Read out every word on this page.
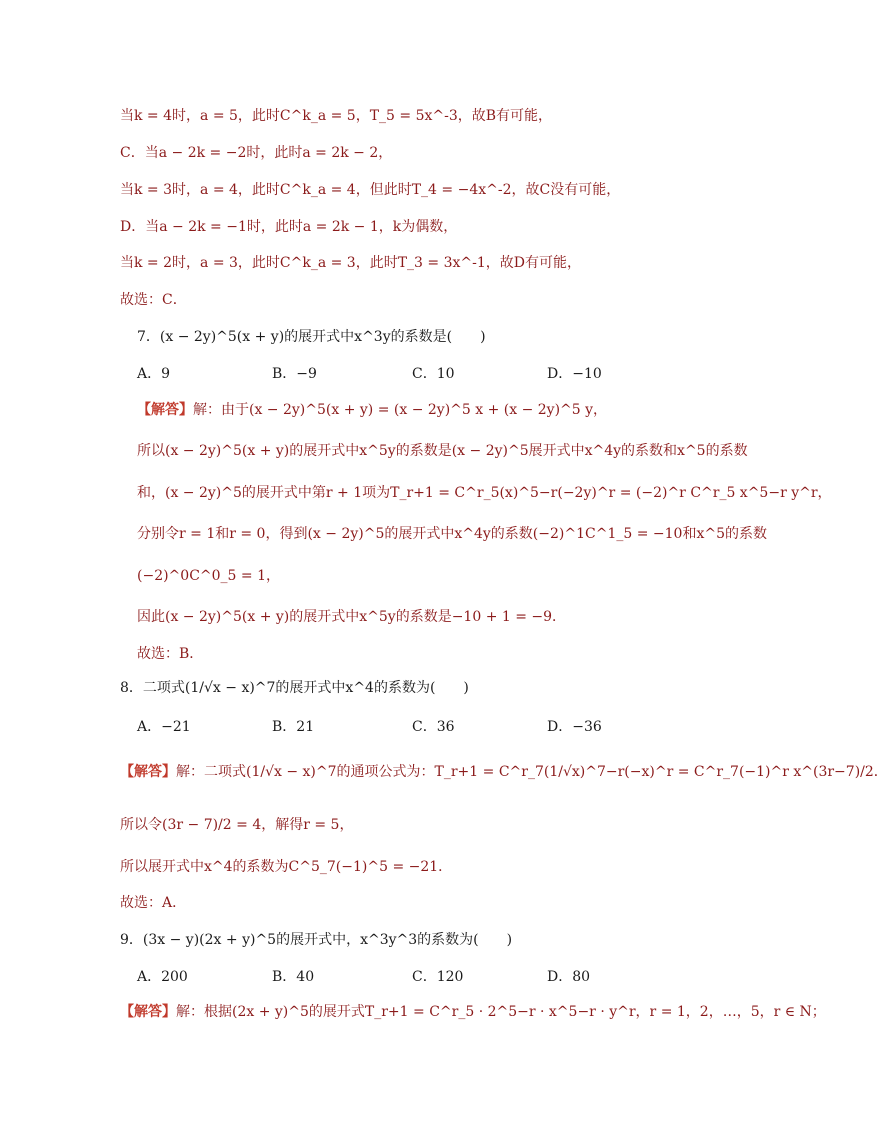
当k = 4时，a = 5，此时C^k_a = 5，T_5 = 5x^-3，故B有可能，
C．当a − 2k = −2时，此时a = 2k − 2，
当k = 3时，a = 4，此时C^k_a = 4，但此时T_4 = −4x^-2，故C没有可能，
D．当a − 2k = −1时，此时a = 2k − 1，k为偶数，
当k = 2时，a = 3，此时C^k_a = 3，此时T_3 = 3x^-1，故D有可能，
故选：C．
7．(x − 2y)^5(x + y)的展开式中x^3y的系数是(　　)
A．9	B．−9	C．10	D．−10
【解答】解：由于(x − 2y)^5(x + y) = (x − 2y)^5 x + (x − 2y)^5 y，
所以(x − 2y)^5(x + y)的展开式中x^5y的系数是(x − 2y)^5展开式中x^4y的系数和x^5的系数
和，(x − 2y)^5的展开式中第r + 1项为T_r+1 = C^r_5(x)^5−r(−2y)^r = (−2)^r C^r_5 x^5−r y^r，
分别令r = 1和r = 0，得到(x − 2y)^5的展开式中x^4y的系数(−2)^1C^1_5 = −10和x^5的系数
(−2)^0C^0_5 = 1，
因此(x − 2y)^5(x + y)的展开式中x^5y的系数是−10 + 1 = −9．
故选：B．
8．二项式(1/√x − x)^7的展开式中x^4的系数为(　　)
A．−21	B．21	C．36	D．−36
【解答】解：二项式(1/√x − x)^7的通项公式为：T_r+1 = C^r_7(1/√x)^7−r(−x)^r = C^r_7(−1)^r x^(3r−7)/2．
所以令(3r − 7)/2 = 4，解得r = 5，
所以展开式中x^4的系数为C^5_7(−1)^5 = −21．
故选：A．
9．(3x − y)(2x + y)^5的展开式中，x^3y^3的系数为(　　)
A．200	B．40	C．120	D．80
【解答】解：根据(2x + y)^5的展开式T_r+1 = C^r_5 · 2^5−r · x^5−r · y^r，r = 1，2，…，5，r ∈ N；
